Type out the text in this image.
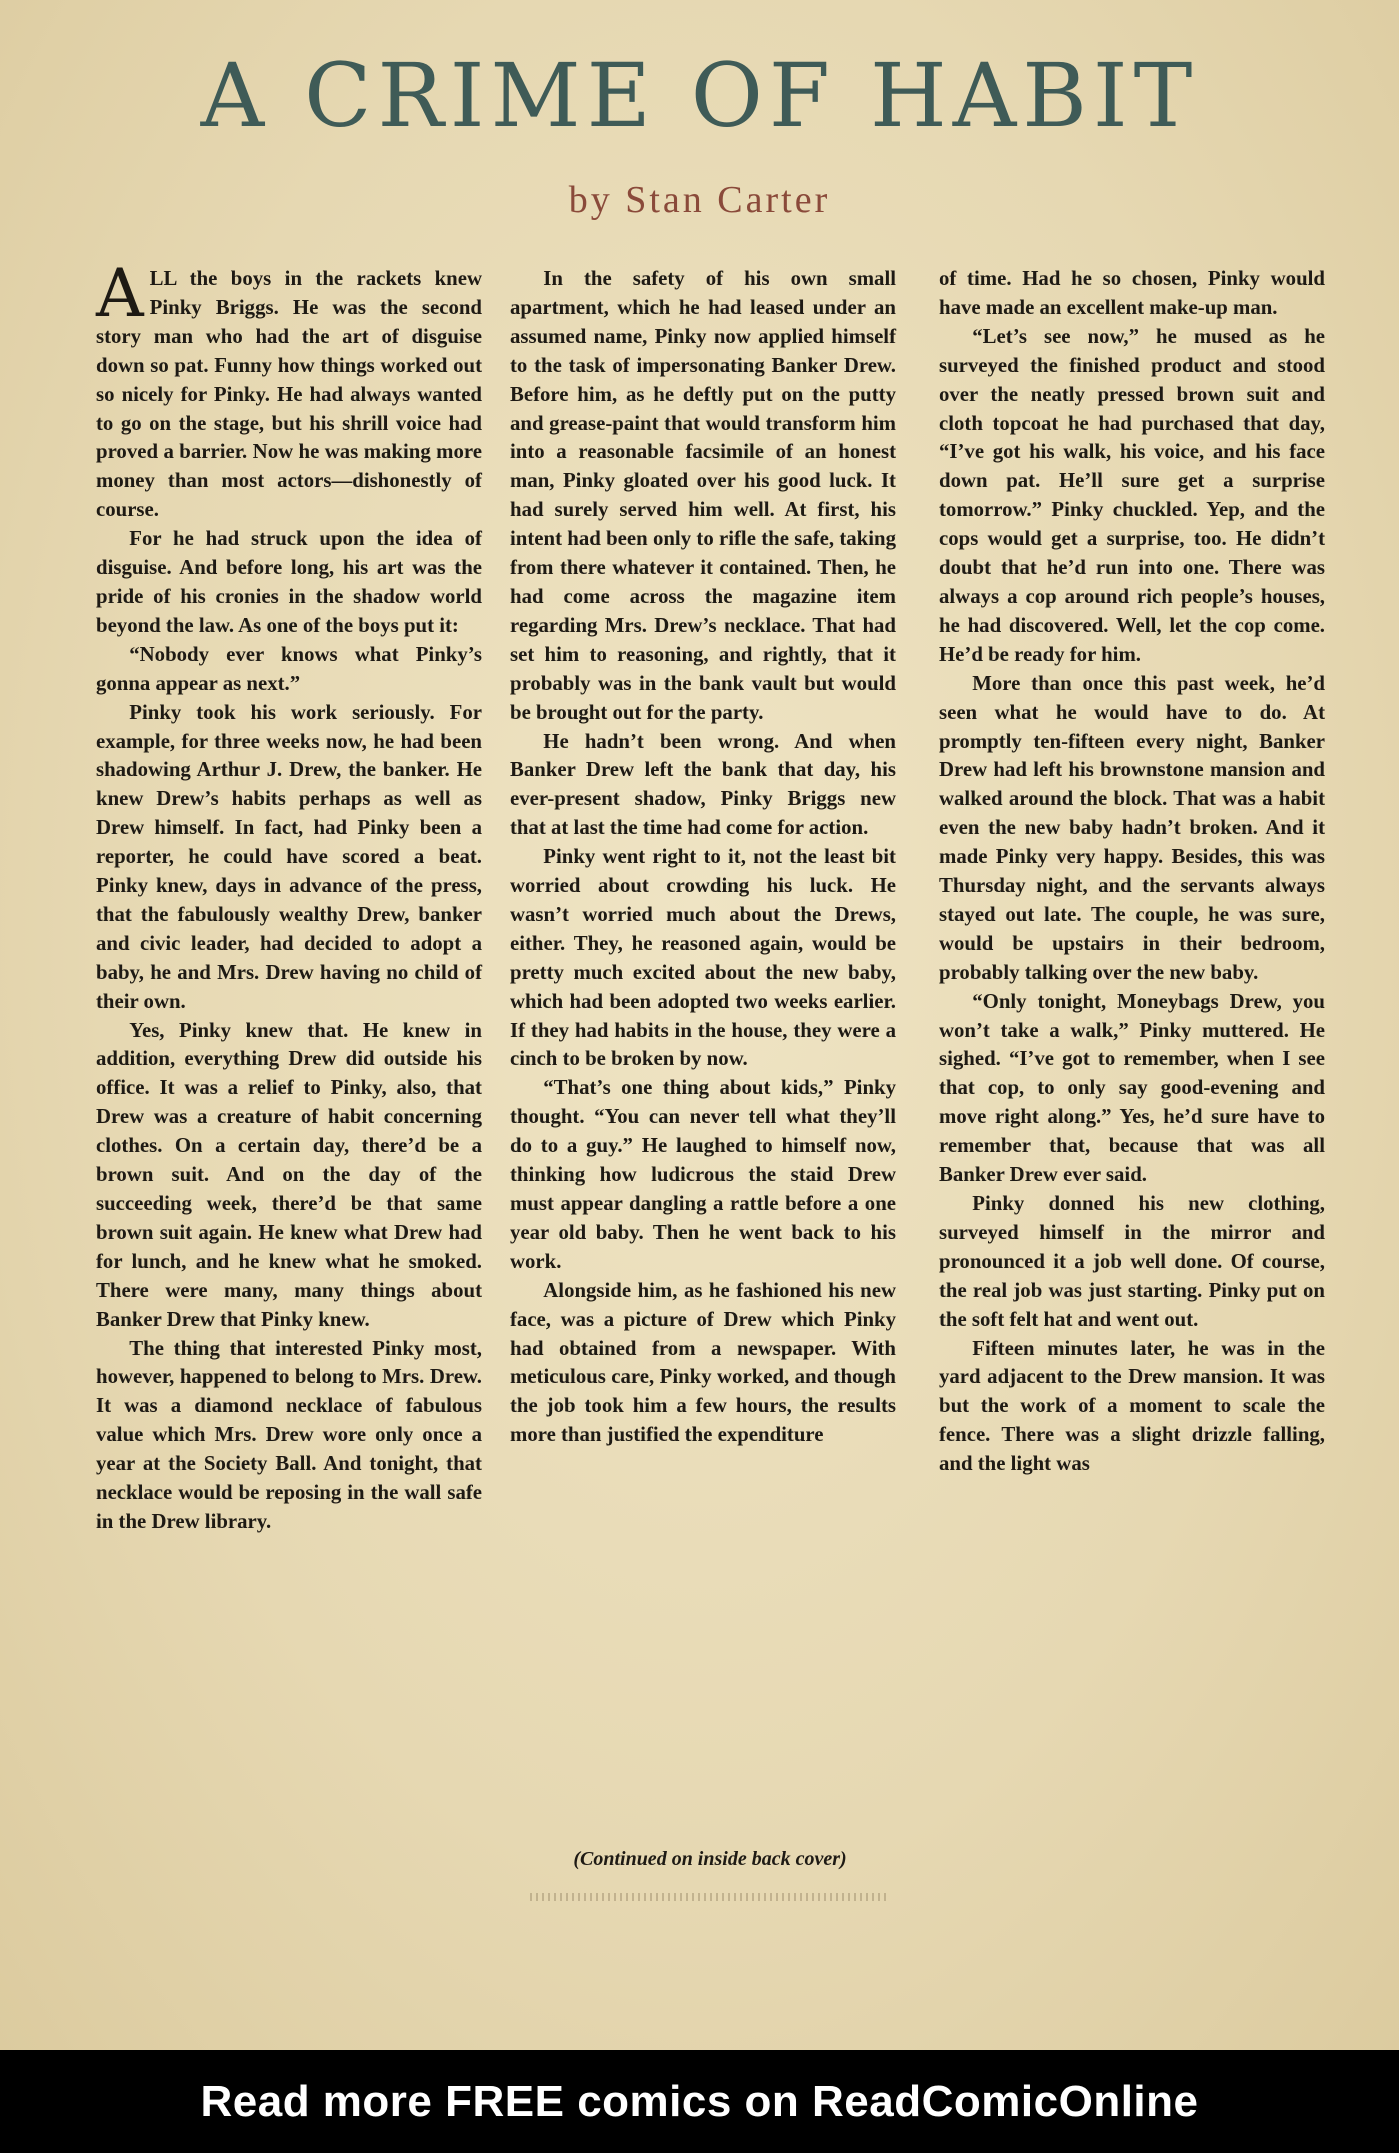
A CRIME OF HABIT
by Stan Carter

ALL the boys in the rackets knew Pinky Briggs. He was the second story man who had the art of disguise down so pat. Funny how things worked out so nicely for Pinky. He had always wanted to go on the stage, but his shrill voice had proved a barrier. Now he was making more money than most actors—dishonestly of course.

For he had struck upon the idea of disguise. And before long, his art was the pride of his cronies in the shadow world beyond the law. As one of the boys put it:

“Nobody ever knows what Pinky’s gonna appear as next.”

Pinky took his work seriously. For example, for three weeks now, he had been shadowing Arthur J. Drew, the banker. He knew Drew’s habits perhaps as well as Drew himself. In fact, had Pinky been a reporter, he could have scored a beat. Pinky knew, days in advance of the press, that the fabulously wealthy Drew, banker and civic leader, had decided to adopt a baby, he and Mrs. Drew having no child of their own.

Yes, Pinky knew that. He knew in addition, everything Drew did outside his office. It was a relief to Pinky, also, that Drew was a creature of habit concerning clothes. On a certain day, there’d be a brown suit. And on the day of the succeeding week, there’d be that same brown suit again. He knew what Drew had for lunch, and he knew what he smoked. There were many, many things about Banker Drew that Pinky knew.

The thing that interested Pinky most, however, happened to belong to Mrs. Drew. It was a diamond necklace of fabulous value which Mrs. Drew wore only once a year at the Society Ball. And tonight, that necklace would be reposing in the wall safe in the Drew library.

In the safety of his own small apartment, which he had leased under an assumed name, Pinky now applied himself to the task of impersonating Banker Drew. Before him, as he deftly put on the putty and grease-paint that would transform him into a reasonable facsimile of an honest man, Pinky gloated over his good luck. It had surely served him well. At first, his intent had been only to rifle the safe, taking from there whatever it contained. Then, he had come across the magazine item regarding Mrs. Drew’s necklace. That had set him to reasoning, and rightly, that it probably was in the bank vault but would be brought out for the party.

He hadn’t been wrong. And when Banker Drew left the bank that day, his ever-present shadow, Pinky Briggs new that at last the time had come for action.

Pinky went right to it, not the least bit worried about crowding his luck. He wasn’t worried much about the Drews, either. They, he reasoned again, would be pretty much excited about the new baby, which had been adopted two weeks earlier. If they had habits in the house, they were a cinch to be broken by now.

“That’s one thing about kids,” Pinky thought. “You can never tell what they’ll do to a guy.” He laughed to himself now, thinking how ludicrous the staid Drew must appear dangling a rattle before a one year old baby. Then he went back to his work.

Alongside him, as he fashioned his new face, was a picture of Drew which Pinky had obtained from a newspaper. With meticulous care, Pinky worked, and though the job took him a few hours, the results more than justified the expenditure

of time. Had he so chosen, Pinky would have made an excellent make-up man.

“Let’s see now,” he mused as he surveyed the finished product and stood over the neatly pressed brown suit and cloth topcoat he had purchased that day, “I’ve got his walk, his voice, and his face down pat. He’ll sure get a surprise tomorrow.” Pinky chuckled. Yep, and the cops would get a surprise, too. He didn’t doubt that he’d run into one. There was always a cop around rich people’s houses, he had discovered. Well, let the cop come. He’d be ready for him.

More than once this past week, he’d seen what he would have to do. At promptly ten-fifteen every night, Banker Drew had left his brownstone mansion and walked around the block. That was a habit even the new baby hadn’t broken. And it made Pinky very happy. Besides, this was Thursday night, and the servants always stayed out late. The couple, he was sure, would be upstairs in their bedroom, probably talking over the new baby.

“Only tonight, Moneybags Drew, you won’t take a walk,” Pinky muttered. He sighed. “I’ve got to remember, when I see that cop, to only say good-evening and move right along.” Yes, he’d sure have to remember that, because that was all Banker Drew ever said.

Pinky donned his new clothing, surveyed himself in the mirror and pronounced it a job well done. Of course, the real job was just starting. Pinky put on the soft felt hat and went out.

Fifteen minutes later, he was in the yard adjacent to the Drew mansion. It was but the work of a moment to scale the fence. There was a slight drizzle falling, and the light was

(Continued on inside back cover)
Read more FREE comics on ReadComicOnline
